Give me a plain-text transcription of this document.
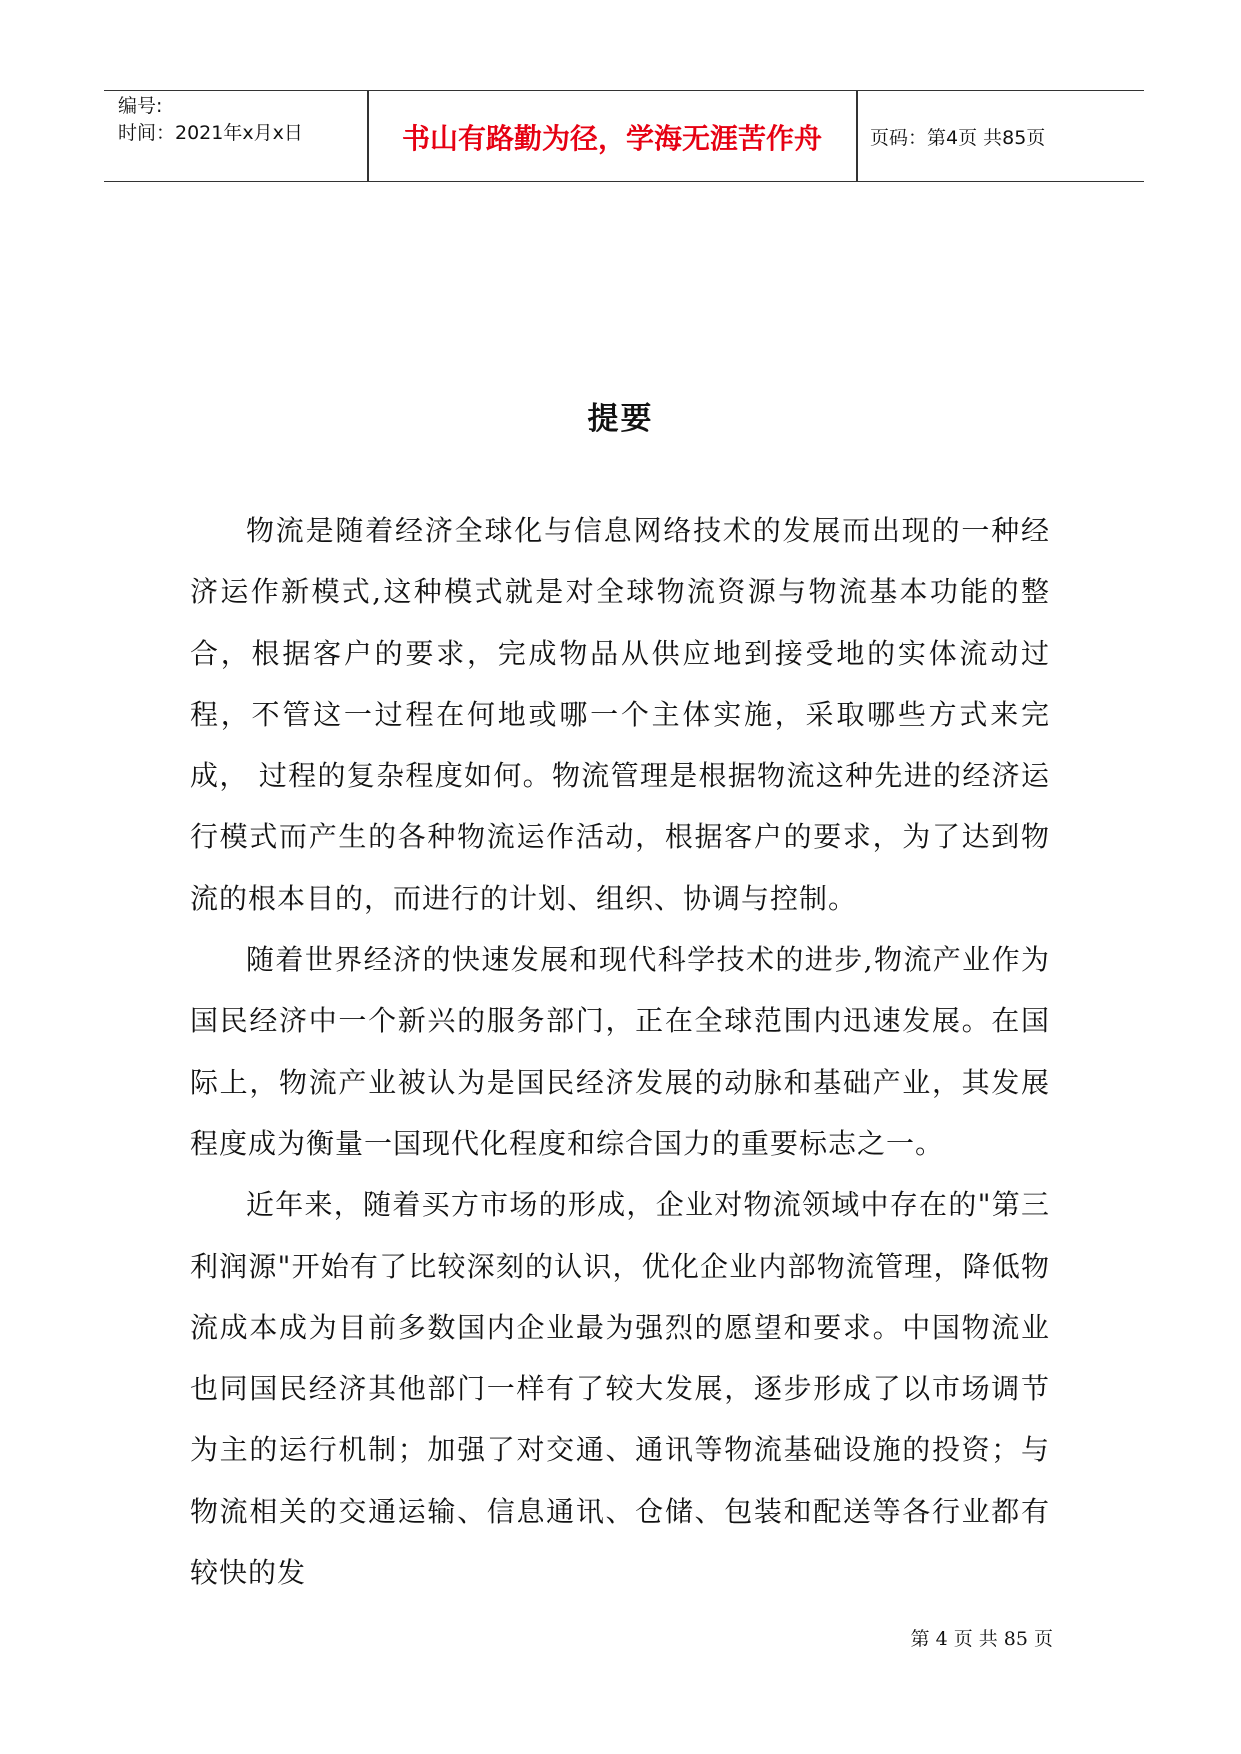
编号:
时间：2021年x月x日	书山有路勤为径，学海无涯苦作舟	页码：第4页 共85页
提要

物流是随着经济全球化与信息网络技术的发展而出现的一种经济运作新模式,这种模式就是对全球物流资源与物流基本功能的整合，根据客户的要求，完成物品从供应地到接受地的实体流动过程，不管这一过程在何地或哪一个主体实施，采取哪些方式来完成， 过程的复杂程度如何。物流管理是根据物流这种先进的经济运行模式而产生的各种物流运作活动，根据客户的要求，为了达到物流的根本目的，而进行的计划、组织、协调与控制。

随着世界经济的快速发展和现代科学技术的进步,物流产业作为国民经济中一个新兴的服务部门，正在全球范围内迅速发展。在国际上，物流产业被认为是国民经济发展的动脉和基础产业，其发展程度成为衡量一国现代化程度和综合国力的重要标志之一。

近年来，随着买方市场的形成，企业对物流领域中存在的"第三利润源"开始有了比较深刻的认识，优化企业内部物流管理，降低物流成本成为目前多数国内企业最为强烈的愿望和要求。中国物流业也同国民经济其他部门一样有了较大发展，逐步形成了以市场调节为主的运行机制；加强了对交通、通讯等物流基础设施的投资；与物流相关的交通运输、信息通讯、仓储、包装和配送等各行业都有较快的发

第 4 页 共 85 页
